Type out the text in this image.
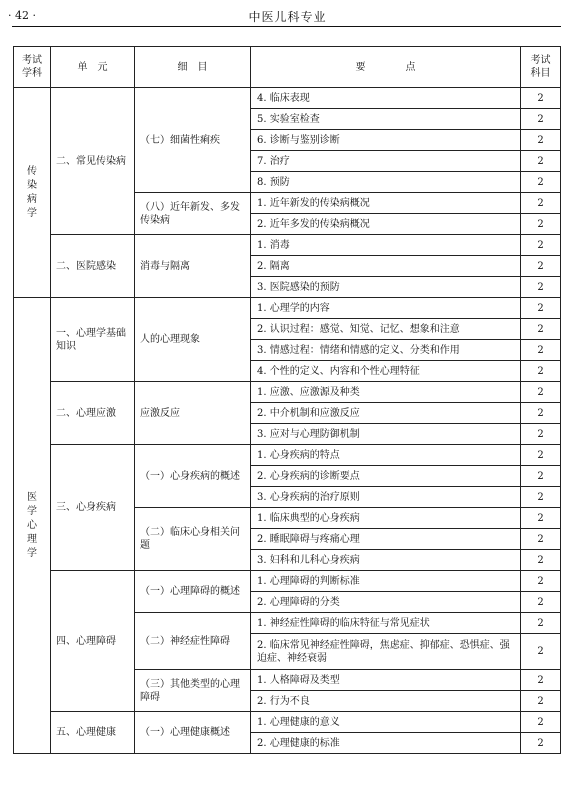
· 42 ·	中医儿科专业
考试学科	单　元	细　目	要　　　　点	考试科目
传染病学	二、常见传染病	（七）细菌性痢疾	4. 临床表现	2
			5. 实验室检查	2
			6. 诊断与鉴别诊断	2
			7. 治疗	2
			8. 预防	2
		（八）近年新发、多发传染病	1. 近年新发的传染病概况	2
			2. 近年多发的传染病概况	2
	二、医院感染	消毒与隔离	1. 消毒	2
			2. 隔离	2
			3. 医院感染的预防	2
医学心理学	一、心理学基础知识	人的心理现象	1. 心理学的内容	2
			2. 认识过程：感觉、知觉、记忆、想象和注意	2
			3. 情感过程：情绪和情感的定义、分类和作用	2
			4. 个性的定义、内容和个性心理特征	2
	二、心理应激	应激反应	1. 应激、应激源及种类	2
			2. 中介机制和应激反应	2
			3. 应对与心理防御机制	2
	三、心身疾病	（一）心身疾病的概述	1. 心身疾病的特点	2
			2. 心身疾病的诊断要点	2
			3. 心身疾病的治疗原则	2
		（二）临床心身相关问题	1. 临床典型的心身疾病	2
			2. 睡眠障碍与疼痛心理	2
			3. 妇科和儿科心身疾病	2
	四、心理障碍	（一）心理障碍的概述	1. 心理障碍的判断标准	2
			2. 心理障碍的分类	2
		（二）神经症性障碍	1. 神经症性障碍的临床特征与常见症状	2
			2. 临床常见神经症性障碍，焦虑症、抑郁症、恐惧症、强迫症、神经衰弱	2
		（三）其他类型的心理障碍	1. 人格障碍及类型	2
			2. 行为不良	2
	五、心理健康	（一）心理健康概述	1. 心理健康的意义	2
			2. 心理健康的标准	2
